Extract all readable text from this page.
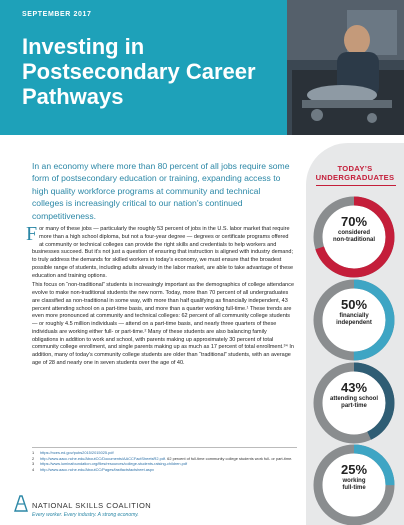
SEPTEMBER 2017
Investing in Postsecondary Career Pathways
In an economy where more than 80 percent of all jobs require some form of postsecondary education or training, expanding access to high quality workforce programs at community and technical colleges is increasingly critical to our nation’s continued competitiveness.

For many of these jobs — particularly the roughly 53 percent of jobs in the U.S. labor market that require more than a high school diploma, but not a four-year degree — degrees or certificate programs offered at community or technical colleges can provide the right skills and credentials to help workers and businesses succeed. But it’s not just a question of ensuring that instruction is aligned with industry demand; to truly address the demands for skilled workers in today’s economy, we must ensure that the broadest possible range of students, including adults already in the labor market, are able to take advantage of these education and training options.

This focus on “non-traditional” students is increasingly important as the demographics of college attendance evolve to make non-traditional students the new norm. Today, more than 70 percent of all undergraduates are classified as non-traditional in some way, with more than half qualifying as financially independent, 43 percent attending school on a part-time basis, and more than a quarter working full-time.¹ These trends are even more pronounced at community and technical colleges: 62 percent of all community college students — or roughly 4.5 million individuals — attend on a part-time basis, and nearly three quarters of these individuals are working either full- or part-time.² Many of these students are also balancing family obligations in addition to work and school, with parents making up approximately 30 percent of total community college enrollment, and single parents making up as much as 17 percent of total enrollment.³⁴ In addition, many of today’s community college students are older than “traditional” students, with an average age of 28 and nearly one in seven students over the age of 40.

1	https://nces.ed.gov/pubs2015/2015025.pdf
2	http://www.aacc.nche.edu/AboutCC/Documents/AACCFactSheetsR2.pdf. 62 percent of full-time community college students work full- or part-time.
3	https://www.luminafoundation.org/files/resources/college-students-raising-children.pdf
4	http://www.aacc.nche.edu/AboutCC/Pages/fastfactsfactsheet.aspx
NATIONAL SKILLS COALITION
Every worker. Every industry. A strong economy.
TODAY’S
UNDERGRADUATES
70%
considered
non-traditional
50%
financially
independent
43%
attending school
part-time
25%
working
full-time
